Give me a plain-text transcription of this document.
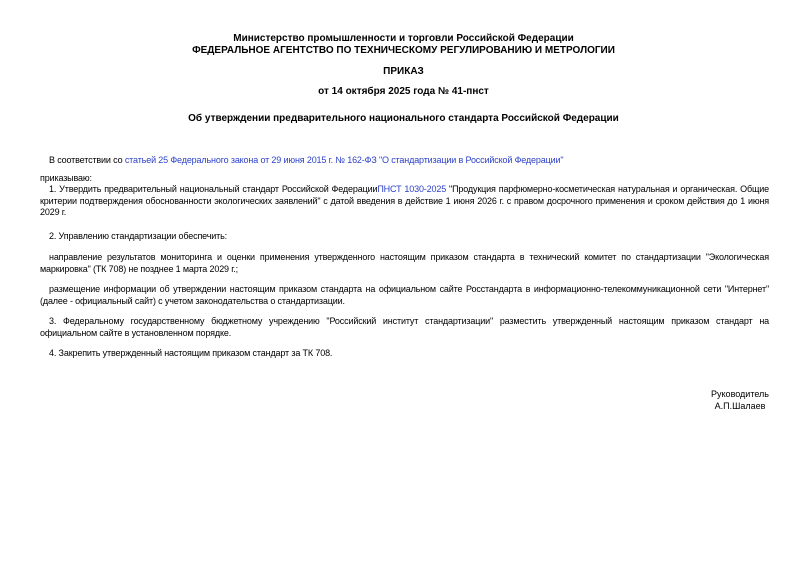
Министерство промышленности и торговли Российской Федерации
ФЕДЕРАЛЬНОЕ АГЕНТСТВО ПО ТЕХНИЧЕСКОМУ РЕГУЛИРОВАНИЮ И МЕТРОЛОГИИ
ПРИКАЗ
от 14 октября 2025 года № 41-пнст
Об утверждении предварительного национального стандарта Российской Федерации

В соответствии со статьей 25 Федерального закона от 29 июня 2015 г. № 162-ФЗ "О стандартизации в Российской Федерации"

приказываю:

1. Утвердить предварительный национальный стандарт Российской ФедерацииПНСТ 1030-2025 "Продукция парфюмерно-косметическая натуральная и органическая. Общие критерии подтверждения обоснованности экологических заявлений" с датой введения в действие 1 июня 2026 г. с правом досрочного применения и сроком действия до 1 июня 2029 г.

2. Управлению стандартизации обеспечить:

направление результатов мониторинга и оценки применения утвержденного настоящим приказом стандарта в технический комитет по стандартизации "Экологическая маркировка" (ТК 708) не позднее 1 марта 2029 г.;

размещение информации об утверждении настоящим приказом стандарта на официальном сайте Росстандарта в информационно-телекоммуникационной сети "Интернет" (далее - официальный сайт) с учетом законодательства о стандартизации.

3. Федеральному государственному бюджетному учреждению "Российский институт стандартизации" разместить утвержденный настоящим приказом стандарт на официальном сайте в установленном порядке.

4. Закрепить утвержденный настоящим приказом стандарт за ТК 708.

Руководитель
А.П.Шалаев
